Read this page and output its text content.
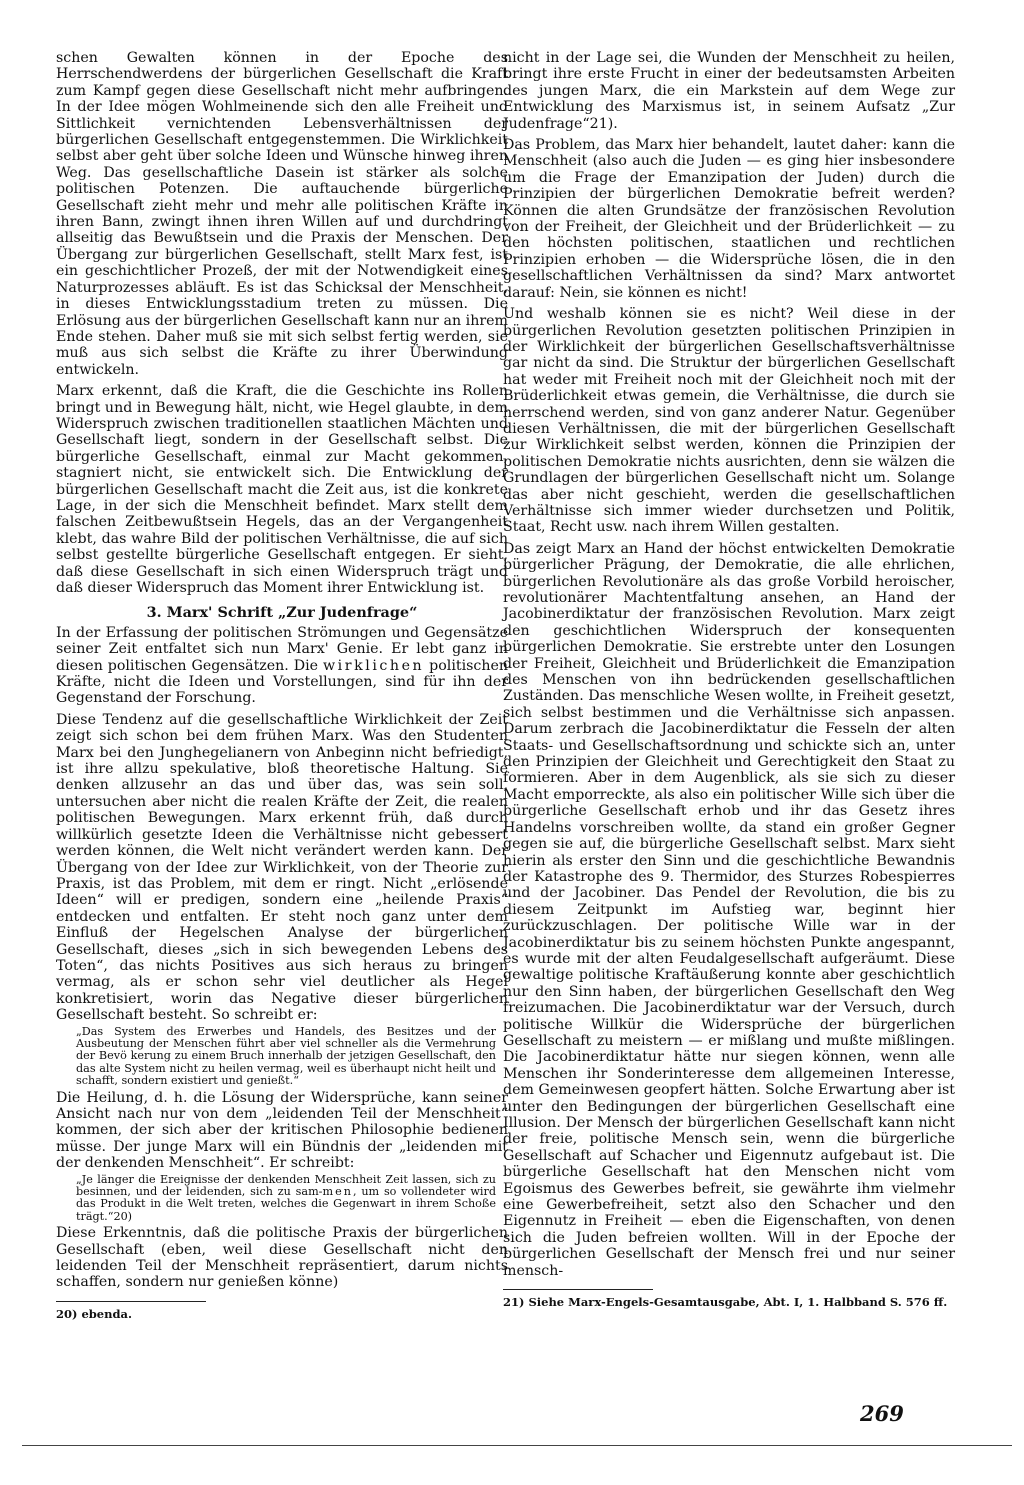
schen Gewalten können in der Epoche des Herrschendwerdens der bürgerlichen Gesellschaft die Kraft zum Kampf gegen diese Gesellschaft nicht mehr aufbringen. In der Idee mögen Wohlmeinende sich den alle Freiheit und Sittlichkeit vernichtenden Lebensverhältnissen der bürgerlichen Gesellschaft entgegenstemmen. Die Wirklichkeit selbst aber geht über solche Ideen und Wünsche hinweg ihren Weg. Das gesellschaftliche Dasein ist stärker als solche politischen Potenzen. Die auftauchende bürgerliche Gesellschaft zieht mehr und mehr alle politischen Kräfte in ihren Bann, zwingt ihnen ihren Willen auf und durchdringt allseitig das Bewußtsein und die Praxis der Menschen. Der Übergang zur bürgerlichen Gesellschaft, stellt Marx fest, ist ein geschichtlicher Prozeß, der mit der Notwendigkeit eines Naturprozesses abläuft. Es ist das Schicksal der Menschheit, in dieses Entwicklungsstadium treten zu müssen. Die Erlösung aus der bürgerlichen Gesellschaft kann nur an ihrem Ende stehen. Daher muß sie mit sich selbst fertig werden, sie muß aus sich selbst die Kräfte zu ihrer Überwindung entwickeln.

Marx erkennt, daß die Kraft, die die Geschichte ins Rollen bringt und in Bewegung hält, nicht, wie Hegel glaubte, in dem Widerspruch zwischen traditionellen staatlichen Mächten und Gesellschaft liegt, sondern in der Gesellschaft selbst. Die bürgerliche Gesellschaft, einmal zur Macht gekommen, stagniert nicht, sie entwickelt sich. Die Entwicklung der bürgerlichen Gesellschaft macht die Zeit aus, ist die konkrete Lage, in der sich die Menschheit befindet. Marx stellt dem falschen Zeitbewußtsein Hegels, das an der Vergangenheit klebt, das wahre Bild der politischen Verhältnisse, die auf sich selbst gestellte bürgerliche Gesellschaft entgegen. Er sieht, daß diese Gesellschaft in sich einen Widerspruch trägt und daß dieser Widerspruch das Moment ihrer Entwicklung ist.

3. Marx' Schrift „Zur Judenfrage“

In der Erfassung der politischen Strömungen und Gegensätze seiner Zeit entfaltet sich nun Marx' Genie. Er lebt ganz in diesen politischen Gegensätzen. Die wirklichen politischen Kräfte, nicht die Ideen und Vorstellungen, sind für ihn der Gegenstand der Forschung.

Diese Tendenz auf die gesellschaftliche Wirklichkeit der Zeit zeigt sich schon bei dem frühen Marx. Was den Studenten Marx bei den Junghegelianern von Anbeginn nicht befriedigt, ist ihre allzu spekulative, bloß theoretische Haltung. Sie denken allzusehr an das und über das, was sein soll, untersuchen aber nicht die realen Kräfte der Zeit, die realen politischen Bewegungen. Marx erkennt früh, daß durch willkürlich gesetzte Ideen die Verhältnisse nicht gebessert werden können, die Welt nicht verändert werden kann. Der Übergang von der Idee zur Wirklichkeit, von der Theorie zur Praxis, ist das Problem, mit dem er ringt. Nicht „erlösende Ideen“ will er predigen, sondern eine „heilende Praxis“ entdecken und entfalten. Er steht noch ganz unter dem Einfluß der Hegelschen Analyse der bürgerlichen Gesellschaft, dieses „sich in sich bewegenden Lebens des Toten“, das nichts Positives aus sich heraus zu bringen vermag, als er schon sehr viel deutlicher als Hegel konkretisiert, worin das Negative dieser bürgerlichen Gesellschaft besteht. So schreibt er:

„Das System des Erwerbes und Handels, des Besitzes und der Ausbeutung der Menschen führt aber viel schneller als die Vermehrung der Bevö kerung zu einem Bruch innerhalb der jetzigen Gesellschaft, den das alte System nicht zu heilen vermag, weil es überhaupt nicht heilt und schafft, sondern existiert und genießt.“

Die Heilung, d. h. die Lösung der Widersprüche, kann seiner Ansicht nach nur von dem „leidenden Teil der Menschheit“ kommen, der sich aber der kritischen Philosophie bedienen müsse. Der junge Marx will ein Bündnis der „leidenden mit der denkenden Menschheit“. Er schreibt:

„Je länger die Ereignisse der denkenden Menschheit Zeit lassen, sich zu besinnen, und der leidenden, sich zu sam-men, um so vollendeter wird das Produkt in die Welt treten, welches die Gegenwart in ihrem Schoße trägt.“20)

Diese Erkenntnis, daß die politische Praxis der bürgerlichen Gesellschaft (eben, weil diese Gesellschaft nicht den leidenden Teil der Menschheit repräsentiert, darum nichts schaffen, sondern nur genießen könne)

20) ebenda.

nicht in der Lage sei, die Wunden der Menschheit zu heilen, bringt ihre erste Frucht in einer der bedeutsamsten Arbeiten des jungen Marx, die ein Markstein auf dem Wege zur Entwicklung des Marxismus ist, in seinem Aufsatz „Zur Judenfrage“21).

Das Problem, das Marx hier behandelt, lautet daher: kann die Menschheit (also auch die Juden — es ging hier insbesondere um die Frage der Emanzipation der Juden) durch die Prinzipien der bürgerlichen Demokratie befreit werden? Können die alten Grundsätze der französischen Revolution von der Freiheit, der Gleichheit und der Brüderlichkeit — zu den höchsten politischen, staatlichen und rechtlichen Prinzipien erhoben — die Widersprüche lösen, die in den gesellschaftlichen Verhältnissen da sind? Marx antwortet darauf: Nein, sie können es nicht!

Und weshalb können sie es nicht? Weil diese in der bürgerlichen Revolution gesetzten politischen Prinzipien in der Wirklichkeit der bürgerlichen Gesellschaftsverhältnisse gar nicht da sind. Die Struktur der bürgerlichen Gesellschaft hat weder mit Freiheit noch mit der Gleichheit noch mit der Brüderlichkeit etwas gemein, die Verhältnisse, die durch sie herrschend werden, sind von ganz anderer Natur. Gegenüber diesen Verhältnissen, die mit der bürgerlichen Gesellschaft zur Wirklichkeit selbst werden, können die Prinzipien der politischen Demokratie nichts ausrichten, denn sie wälzen die Grundlagen der bürgerlichen Gesellschaft nicht um. Solange das aber nicht geschieht, werden die gesellschaftlichen Verhältnisse sich immer wieder durchsetzen und Politik, Staat, Recht usw. nach ihrem Willen gestalten.

Das zeigt Marx an Hand der höchst entwickelten Demokratie bürgerlicher Prägung, der Demokratie, die alle ehrlichen, bürgerlichen Revolutionäre als das große Vorbild heroischer, revolutionärer Machtentfaltung ansehen, an Hand der Jacobinerdiktatur der französischen Revolution. Marx zeigt den geschichtlichen Widerspruch der konsequenten bürgerlichen Demokratie. Sie erstrebte unter den Losungen der Freiheit, Gleichheit und Brüderlichkeit die Emanzipation des Menschen von ihn bedrückenden gesellschaftlichen Zuständen. Das menschliche Wesen wollte, in Freiheit gesetzt, sich selbst bestimmen und die Verhältnisse sich anpassen. Darum zerbrach die Jacobinerdiktatur die Fesseln der alten Staats- und Gesellschaftsordnung und schickte sich an, unter den Prinzipien der Gleichheit und Gerechtigkeit den Staat zu formieren. Aber in dem Augenblick, als sie sich zu dieser Macht emporreckte, als also ein politischer Wille sich über die bürgerliche Gesellschaft erhob und ihr das Gesetz ihres Handelns vorschreiben wollte, da stand ein großer Gegner gegen sie auf, die bürgerliche Gesellschaft selbst. Marx sieht hierin als erster den Sinn und die geschichtliche Bewandnis der Katastrophe des 9. Thermidor, des Sturzes Robespierres und der Jacobiner. Das Pendel der Revolution, die bis zu diesem Zeitpunkt im Aufstieg war, beginnt hier zurückzuschlagen. Der politische Wille war in der Jacobinerdiktatur bis zu seinem höchsten Punkte angespannt, es wurde mit der alten Feudalgesellschaft aufgeräumt. Diese gewaltige politische Kraftäußerung konnte aber geschichtlich nur den Sinn haben, der bürgerlichen Gesellschaft den Weg freizumachen. Die Jacobinerdiktatur war der Versuch, durch politische Willkür die Widersprüche der bürgerlichen Gesellschaft zu meistern — er mißlang und mußte mißlingen. Die Jacobinerdiktatur hätte nur siegen können, wenn alle Menschen ihr Sonderinteresse dem allgemeinen Interesse, dem Gemeinwesen geopfert hätten. Solche Erwartung aber ist unter den Bedingungen der bürgerlichen Gesellschaft eine Illusion. Der Mensch der bürgerlichen Gesellschaft kann nicht der freie, politische Mensch sein, wenn die bürgerliche Gesellschaft auf Schacher und Eigennutz aufgebaut ist. Die bürgerliche Gesellschaft hat den Menschen nicht vom Egoismus des Gewerbes befreit, sie gewährte ihm vielmehr eine Gewerbefreiheit, setzt also den Schacher und den Eigennutz in Freiheit — eben die Eigenschaften, von denen sich die Juden befreien wollten. Will in der Epoche der bürgerlichen Gesellschaft der Mensch frei und nur seiner mensch-

21) Siehe Marx-Engels-Gesamtausgabe, Abt. I, 1. Halbband S. 576 ff.
269
